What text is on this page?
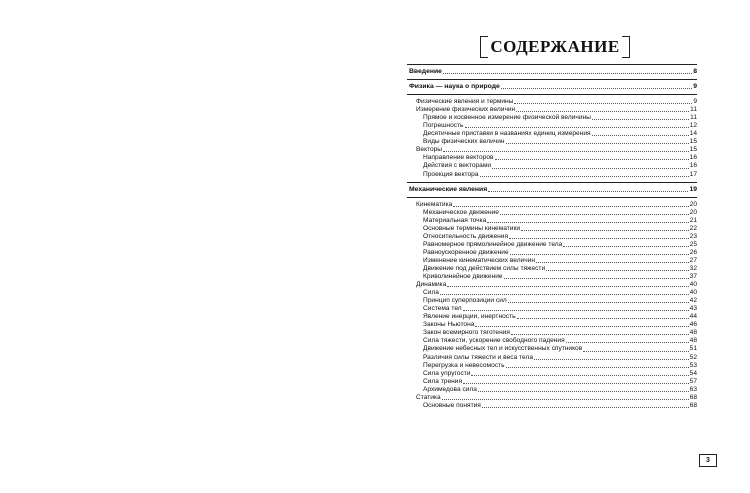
СОДЕРЖАНИЕ
Введение	8
Физика — наука о природе	9
Физические явления и термины	9
Измерение физических величин	11
Прямое и косвенное измерение физической величины	11
Погрешность	12
Десятичные приставки в названиях единиц измерения	14
Виды физических величин	15
Векторы	15
Направление векторов	16
Действия с векторами	16
Проекция вектора	17
Механические явления	19
Кинематика	20
Механическое движение	20
Материальная точка	21
Основные термины кинематики	22
Относительность движения	23
Равномерное прямолинейное движение тела	25
Равноускоренное движение	26
Изменение кинематических величин	27
Движение под действием силы тяжести	32
Криволинейное движение	37
Динамика	40
Сила	40
Принцип суперпозиции сил	42
Система тел	43
Явление инерции, инертность	44
Законы Ньютона	46
Закон всемирного тяготения	48
Сила тяжести, ускорение свободного падения	48
Движение небесных тел и искусственных спутников	51
Различия силы тяжести и веса тела	52
Перегрузка и невесомость	53
Сила упругости	54
Сила трения	57
Архимедова сила	63
Статика	68
Основные понятия	68
3
